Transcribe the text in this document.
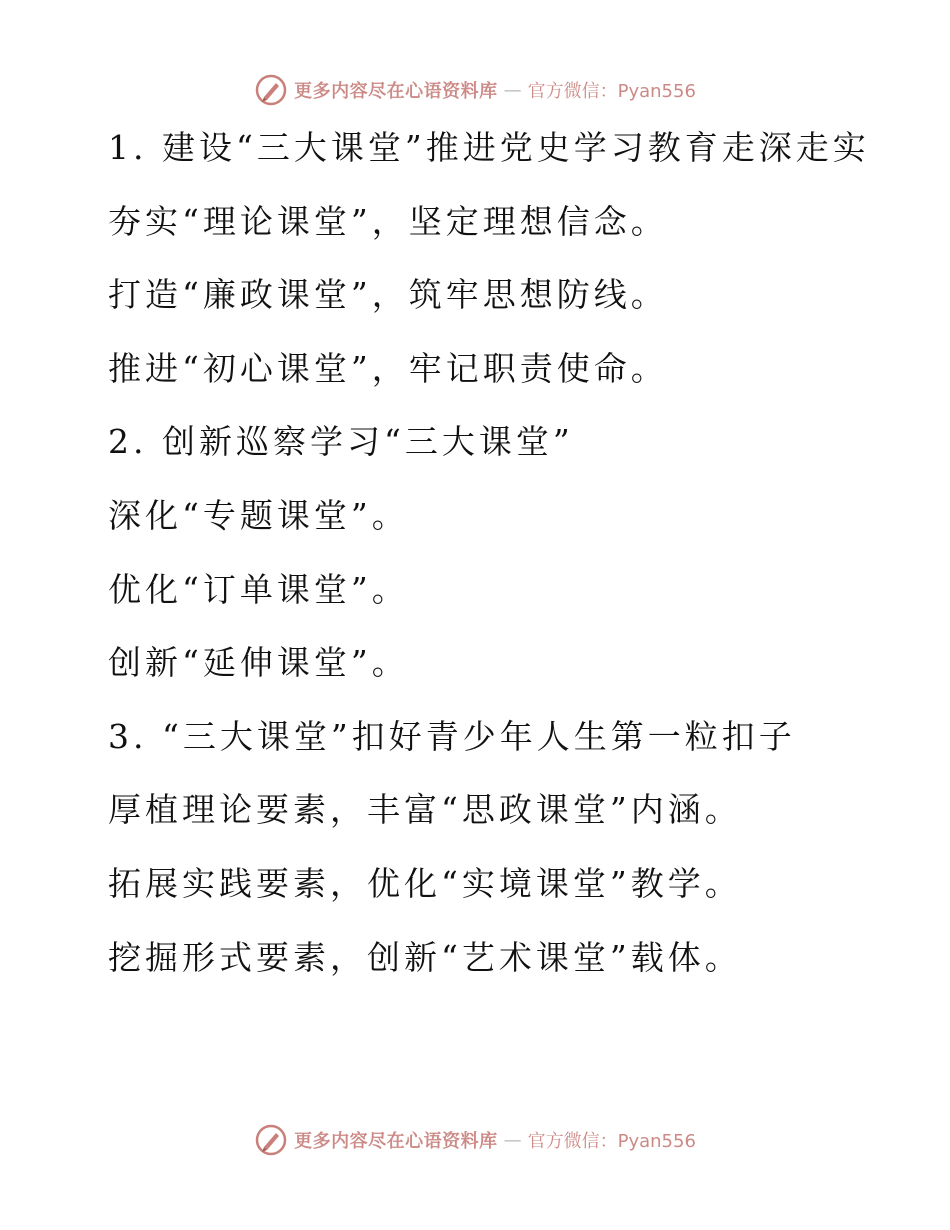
更多内容尽在心语资料库 — 官方微信：Pyan556
1. 建设“三大课堂”推进党史学习教育走深走实
夯实“理论课堂”，坚定理想信念。
打造“廉政课堂”，筑牢思想防线。
推进“初心课堂”，牢记职责使命。
2. 创新巡察学习“三大课堂”
深化“专题课堂”。
优化“订单课堂”。
创新“延伸课堂”。
3. “三大课堂”扣好青少年人生第一粒扣子
厚植理论要素，丰富“思政课堂”内涵。
拓展实践要素，优化“实境课堂”教学。
挖掘形式要素，创新“艺术课堂”载体。
更多内容尽在心语资料库 — 官方微信：Pyan556
